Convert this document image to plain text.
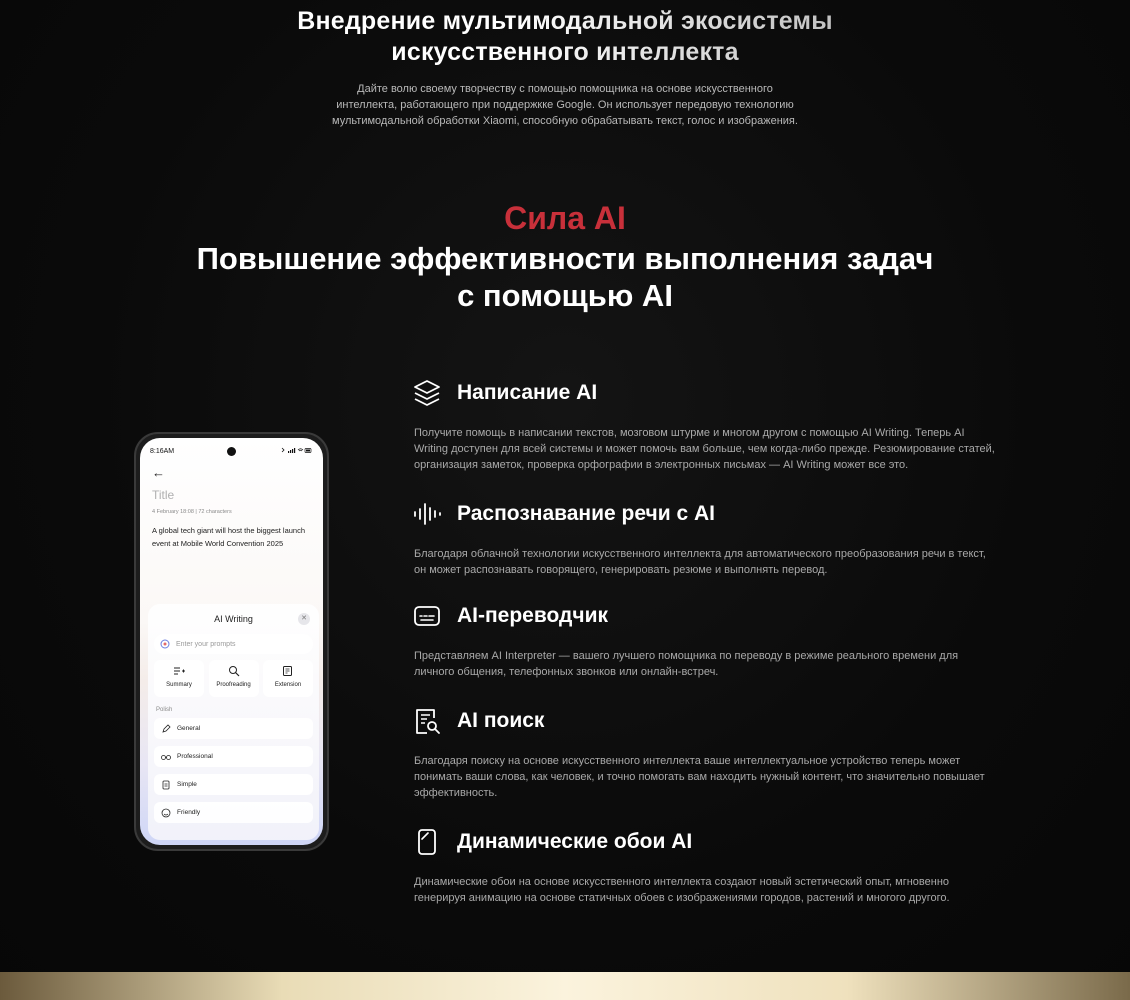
Внедрение мультимодальной экосистемы
искусственного интеллекта

Дайте волю своему творчеству с помощью помощника на основе искусственного интеллекта, работающего при поддержкке Google. Он использует передовую технологию мультимодальной обработки Xiaomi, способную обрабатывать текст, голос и изображения.

Сила AI
Повышение эффективности выполнения задач
с помощью AI
8:16AM
←
Title
4 February 18:08 | 72 characters
A global tech giant will host the biggest launch event at Mobile World Convention 2025
AI Writing	✕
Enter your prompts
Summary	Proofreading	Extension
Polish
General
Professional
Simple
Friendly
Написание AI

Получите помощь в написании текстов, мозговом штурме и многом другом с помощью AI Writing. Теперь AI Writing доступен для всей системы и может помочь вам больше, чем когда-либо прежде. Резюмирование статей, организация заметок, проверка орфографии в электронных письмах — AI Writing может все это.

Распознавание речи с AI

Благодаря облачной технологии искусственного интеллекта для автоматического преобразования речи в текст, он может распознавать говорящего, генерировать резюме и выполнять перевод.

AI-переводчик

Представляем AI Interpreter — вашего лучшего помощника по переводу в режиме реального времени для личного общения, телефонных звонков или онлайн-встреч.

AI поиск

Благодаря поиску на основе искусственного интеллекта ваше интеллектуальное устройство теперь может понимать ваши слова, как человек, и точно помогать вам находить нужный контент, что значительно повышает эффективность.

Динамические обои AI

Динамические обои на основе искусственного интеллекта создают новый эстетический опыт, мгновенно генерируя анимацию на основе статичных обоев с изображениями городов, растений и многого другого.
